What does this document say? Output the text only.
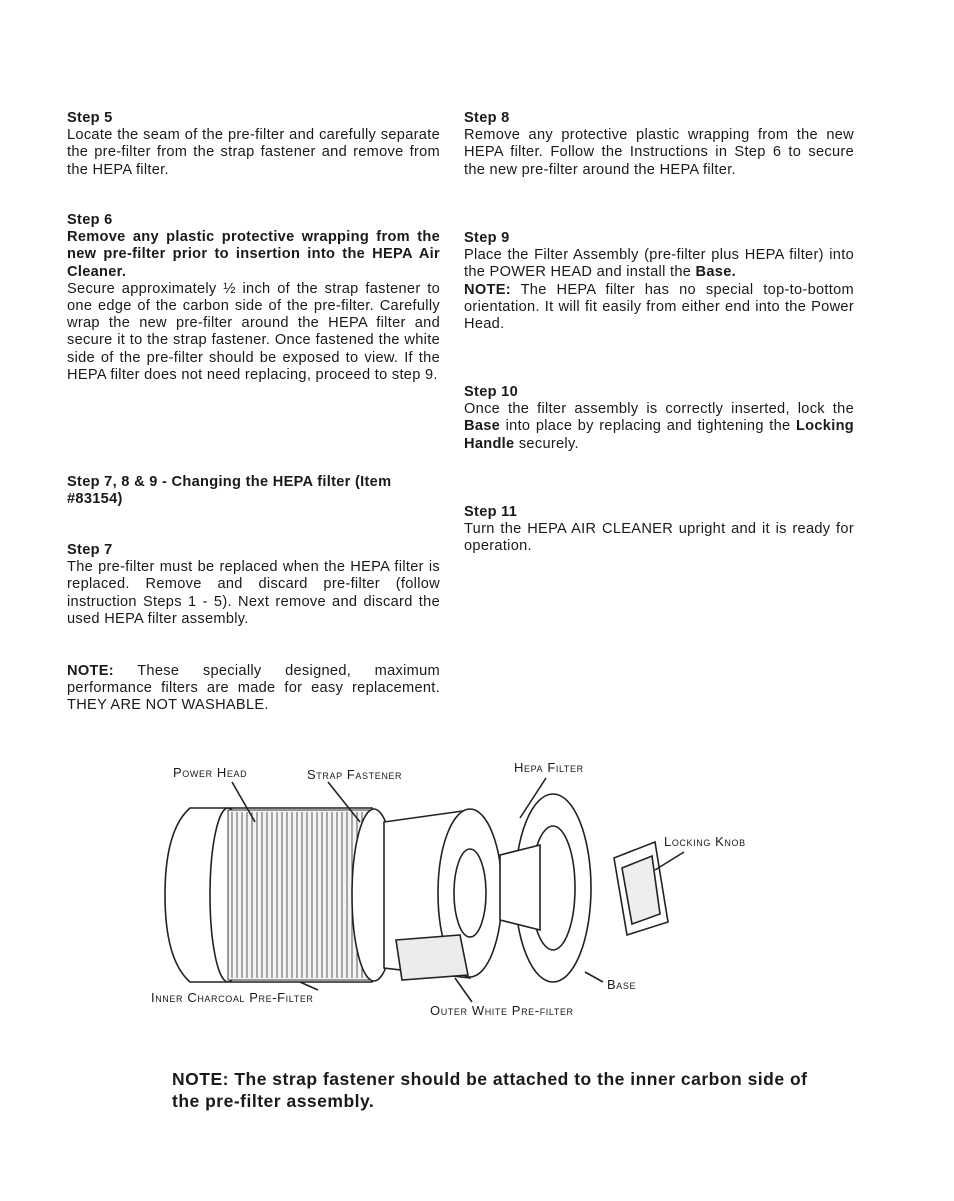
Step 5

Locate the seam of the pre-filter and carefully separate the pre-filter from the strap fastener and remove from the HEPA filter.

Step 6

Remove any plastic protective wrapping from the new pre-filter prior to insertion into the HEPA Air Cleaner.

Secure approximately ½ inch of the strap fastener to one edge of the carbon side of the pre-filter. Carefully wrap the new pre-filter around the HEPA filter and secure it to the strap fastener. Once fastened the white side of the pre-filter should be exposed to view. If the HEPA filter does not need replacing, proceed to step 9.

Step 7, 8 & 9 - Changing the HEPA filter (Item #83154)
Step 7

The pre-filter must be replaced when the HEPA filter is replaced. Remove and discard pre-filter (follow instruction Steps 1 - 5). Next remove and discard the used HEPA filter assembly.

NOTE: These specially designed, maximum performance filters are made for easy replacement. THEY ARE NOT WASHABLE.

Step 8

Remove any protective plastic wrapping from the new HEPA filter. Follow the Instructions in Step 6 to secure the new pre-filter around the HEPA filter.

Step 9

Place the Filter Assembly (pre-filter plus HEPA filter) into the POWER HEAD and install the Base.

NOTE: The HEPA filter has no special top-to-bottom orientation. It will fit easily from either end into the Power Head.

Step 10

Once the filter assembly is correctly inserted, lock the Base into place by replacing and tightening the Locking Handle securely.

Step 11

Turn the HEPA AIR CLEANER upright and it is ready for operation.

Power Head	Strap Fastener	Hepa Filter
Locking Knob
Base
Inner Charcoal Pre-Filter
Outer White Pre-filter
NOTE: The strap fastener should be attached to the inner carbon side of the pre-filter assembly.
